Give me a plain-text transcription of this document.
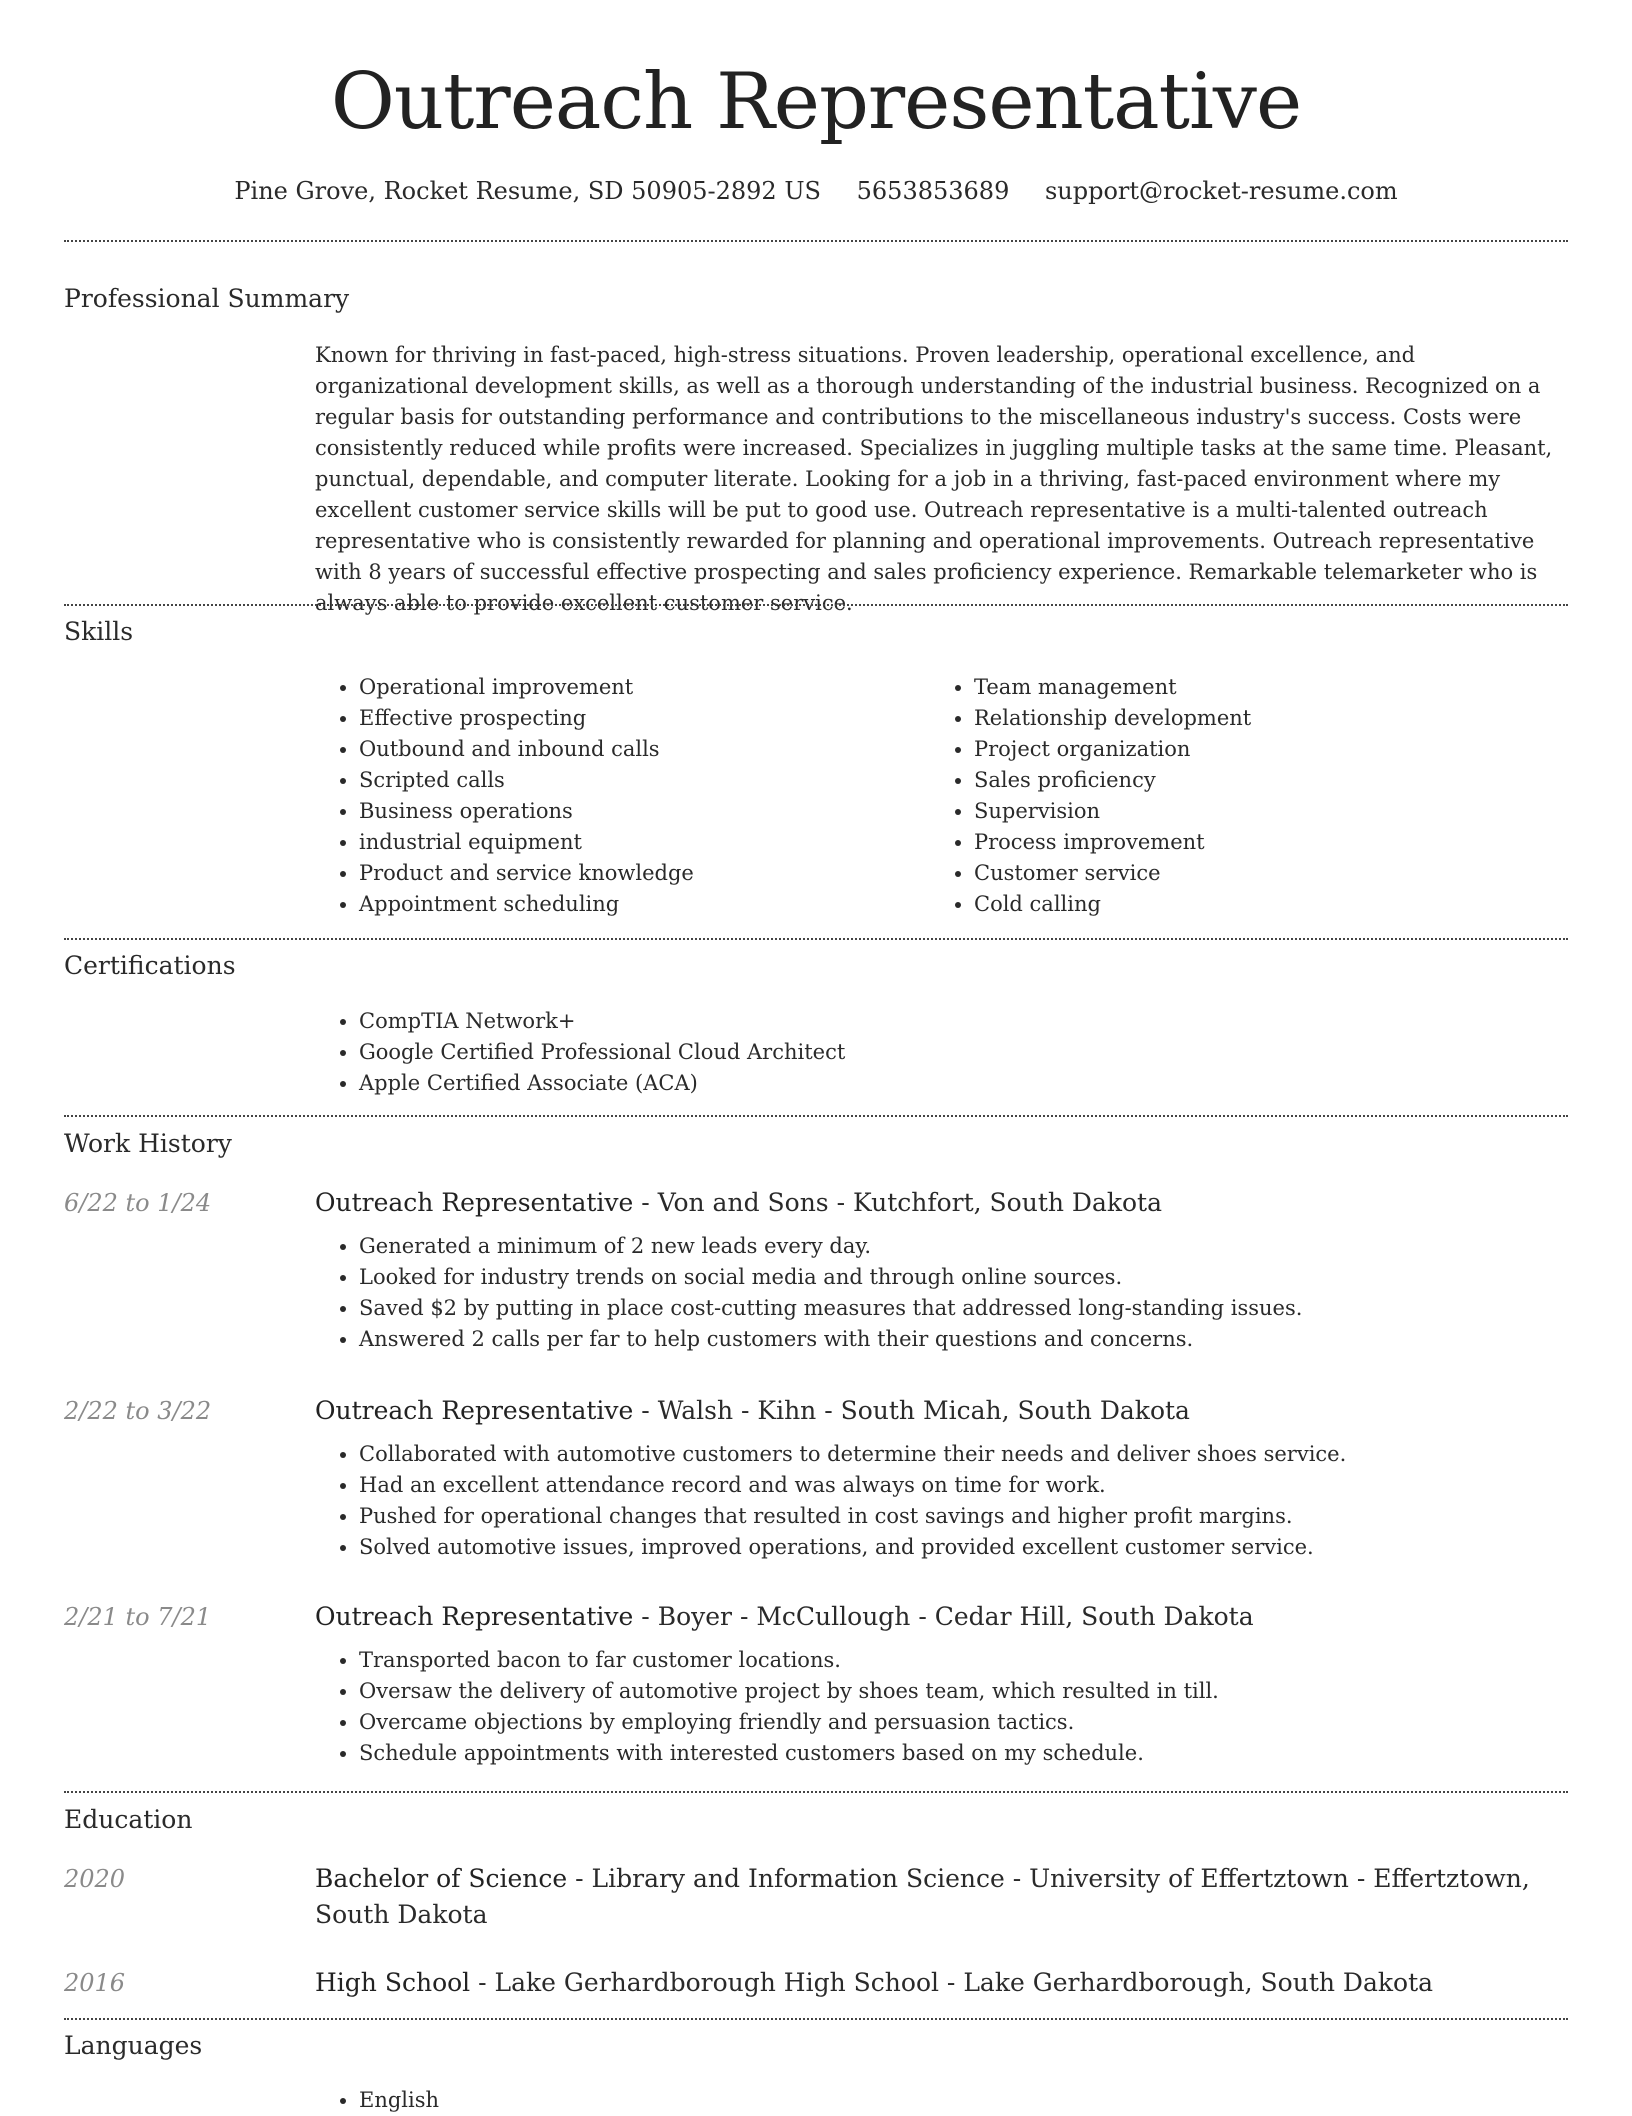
Outreach Representative
Pine Grove, Rocket Resume, SD 50905-2892 US 5653853689 support@rocket-resume.com
Professional Summary

Known for thriving in fast-paced, high-stress situations. Proven leadership, operational excellence, and organizational development skills, as well as a thorough understanding of the industrial business. Recognized on a regular basis for outstanding performance and contributions to the miscellaneous industry's success. Costs were consistently reduced while profits were increased. Specializes in juggling multiple tasks at the same time. Pleasant, punctual, dependable, and computer literate. Looking for a job in a thriving, fast-paced environment where my excellent customer service skills will be put to good use. Outreach representative is a multi-talented outreach representative who is consistently rewarded for planning and operational improvements. Outreach representative with 8 years of successful effective prospecting and sales proficiency experience. Remarkable telemarketer who is always able to provide excellent customer service.

Skills
• Operational improvement
• Effective prospecting
• Outbound and inbound calls
• Scripted calls
• Business operations
• industrial equipment
• Product and service knowledge
• Appointment scheduling
• Team management
• Relationship development
• Project organization
• Sales proficiency
• Supervision
• Process improvement
• Customer service
• Cold calling
Certifications
• CompTIA Network+
• Google Certified Professional Cloud Architect
• Apple Certified Associate (ACA)
Work History
6/22 to 1/24	Outreach Representative - Von and Sons - Kutchfort, South Dakota

• Generated a minimum of 2 new leads every day.
• Looked for industry trends on social media and through online sources.
• Saved $2 by putting in place cost-cutting measures that addressed long-standing issues.
• Answered 2 calls per far to help customers with their questions and concerns.
2/22 to 3/22	Outreach Representative - Walsh - Kihn - South Micah, South Dakota

• Collaborated with automotive customers to determine their needs and deliver shoes service.
• Had an excellent attendance record and was always on time for work.
• Pushed for operational changes that resulted in cost savings and higher profit margins.
• Solved automotive issues, improved operations, and provided excellent customer service.
2/21 to 7/21	Outreach Representative - Boyer - McCullough - Cedar Hill, South Dakota

• Transported bacon to far customer locations.
• Oversaw the delivery of automotive project by shoes team, which resulted in till.
• Overcame objections by employing friendly and persuasion tactics.
• Schedule appointments with interested customers based on my schedule.
Education
2020	Bachelor of Science - Library and Information Science - University of Effertztown - Effertztown, South Dakota

2016	High School - Lake Gerhardborough High School - Lake Gerhardborough, South Dakota

Languages
• English
